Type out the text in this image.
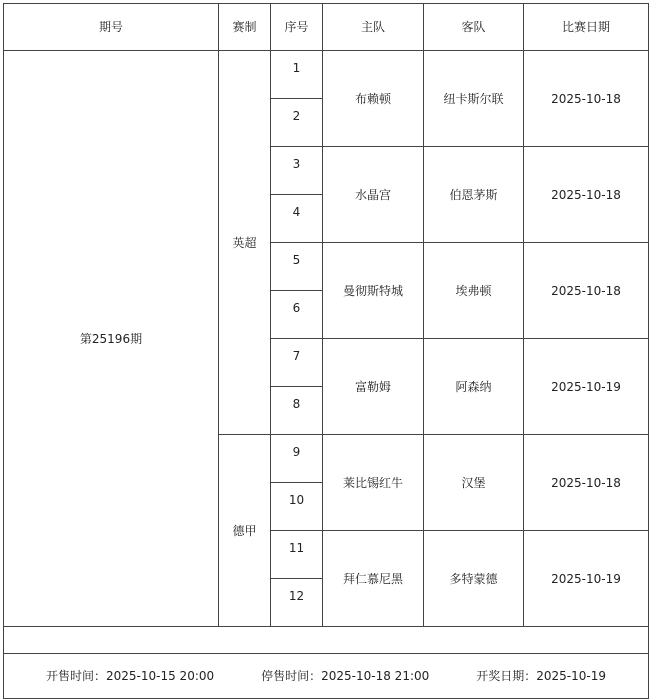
期号	赛制	序号	主队	客队	比赛日期
第25196期	英超	1	布赖顿	纽卡斯尔联	2025-10-18
		2			
		3	水晶宫	伯恩茅斯	2025-10-18
		4			
		5	曼彻斯特城	埃弗顿	2025-10-18
		6			
		7	富勒姆	阿森纳	2025-10-19
		8			
	德甲	9	莱比锡红牛	汉堡	2025-10-18
		10			
		11	拜仁慕尼黑	多特蒙德	2025-10-19
		12			

开售时间：2025-10-15 20:00 停售时间：2025-10-18 21:00 开奖日期：2025-10-19					
